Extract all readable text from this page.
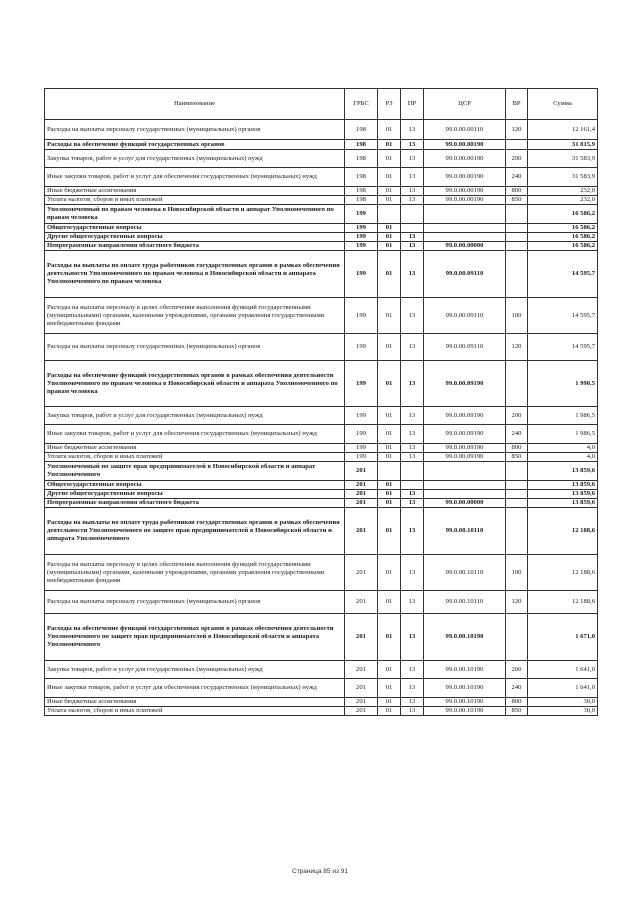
Наименование	ГРБС	РЗ	ПР	ЦСР	ВР	Сумма
Расходы на выплаты персоналу государственных (муниципальных) органов	198	01	13	99.0.00.00110	120	12 161,4
Расходы на обеспечение функций государственных органов	198	01	13	99.0.00.00190		31 815,9
Закупка товаров, работ и услуг для государственных (муниципальных) нужд	198	01	13	99.0.00.00190	200	31 583,9
Иные закупки товаров, работ и услуг для обеспечения государственных (муниципальных) нужд	198	01	13	99.0.00.00190	240	31 583,9
Иные бюджетные ассигнования	198	01	13	99.0.00.00190	800	232,0
Уплата налогов, сборов и иных платежей	198	01	13	99.0.00.00190	850	232,0
Уполномоченный по правам человека в Новосибирской области и аппарат Уполномоченного по правам человека	199					16 586,2
Общегосударственные вопросы	199	01				16 586,2
Другие общегосударственные вопросы	199	01	13			16 586,2
Непрограммные направления областного бюджета	199	01	13	99.0.00.00000		16 586,2
Расходы на выплаты по оплате труда работников государственных органов в рамках обеспечения деятельности Уполномоченного по правам человека в Новосибирской области и аппарата Уполномоченного по правам человека	199	01	13	99.0.00.09110		14 595,7
Расходы на выплаты персоналу в целях обеспечения выполнения функций государственными (муниципальными) органами, казенными учреждениями, органами управления государственными внебюджетными фондами	199	01	13	99.0.00.09110	100	14 595,7
Расходы на выплаты персоналу государственных (муниципальных) органов	199	01	13	99.0.00.09110	120	14 595,7
Расходы на обеспечение функций государственных органов в рамках обеспечения деятельности Уполномоченного по правам человека в Новосибирской области и аппарата Уполномоченного по правам человека	199	01	13	99.0.00.09190		1 990,5
Закупка товаров, работ и услуг для государственных (муниципальных) нужд	199	01	13	99.0.00.09190	200	1 986,5
Иные закупки товаров, работ и услуг для обеспечения государственных (муниципальных) нужд	199	01	13	99.0.00.09190	240	1 986,5
Иные бюджетные ассигнования	199	01	13	99.0.00.09190	800	4,0
Уплата налогов, сборов и иных платежей	199	01	13	99.0.00.09190	850	4,0
Уполномоченный по защите прав предпринимателей в Новосибирской области и аппарат Уполномоченного	201					13 859,6
Общегосударственные вопросы	201	01				13 859,6
Другие общегосударственные вопросы	201	01	13			13 859,6
Непрограммные направления областного бюджета	201	01	13	99.0.00.00000		13 859,6
Расходы на выплаты по оплате труда работников государственных органов в рамках обеспечения деятельности Уполномоченного по защите прав предпринимателей в Новосибирской области и аппарата Уполномоченного	201	01	13	99.0.00.10110		12 188,6
Расходы на выплаты персоналу в целях обеспечения выполнения функций государственными (муниципальными) органами, казенными учреждениями, органами управления государственными внебюджетными фондами	201	01	13	99.0.00.10110	100	12 188,6
Расходы на выплаты персоналу государственных (муниципальных) органов	201	01	13	99.0.00.10110	120	12 188,6
Расходы на обеспечение функций государственных органов в рамках обеспечения деятельности Уполномоченного по защите прав предпринимателей в Новосибирской области и аппарата Уполномоченного	201	01	13	99.0.00.10190		1 671,0
Закупка товаров, работ и услуг для государственных (муниципальных) нужд	201	01	13	99.0.00.10190	200	1 641,0
Иные закупки товаров, работ и услуг для обеспечения государственных (муниципальных) нужд	201	01	13	99.0.00.10190	240	1 641,0
Иные бюджетные ассигнования	201	01	13	99.0.00.10190	800	30,0
Уплата налогов, сборов и иных платежей	201	01	13	99.0.00.10190	850	30,0
Страница 85 из 91
